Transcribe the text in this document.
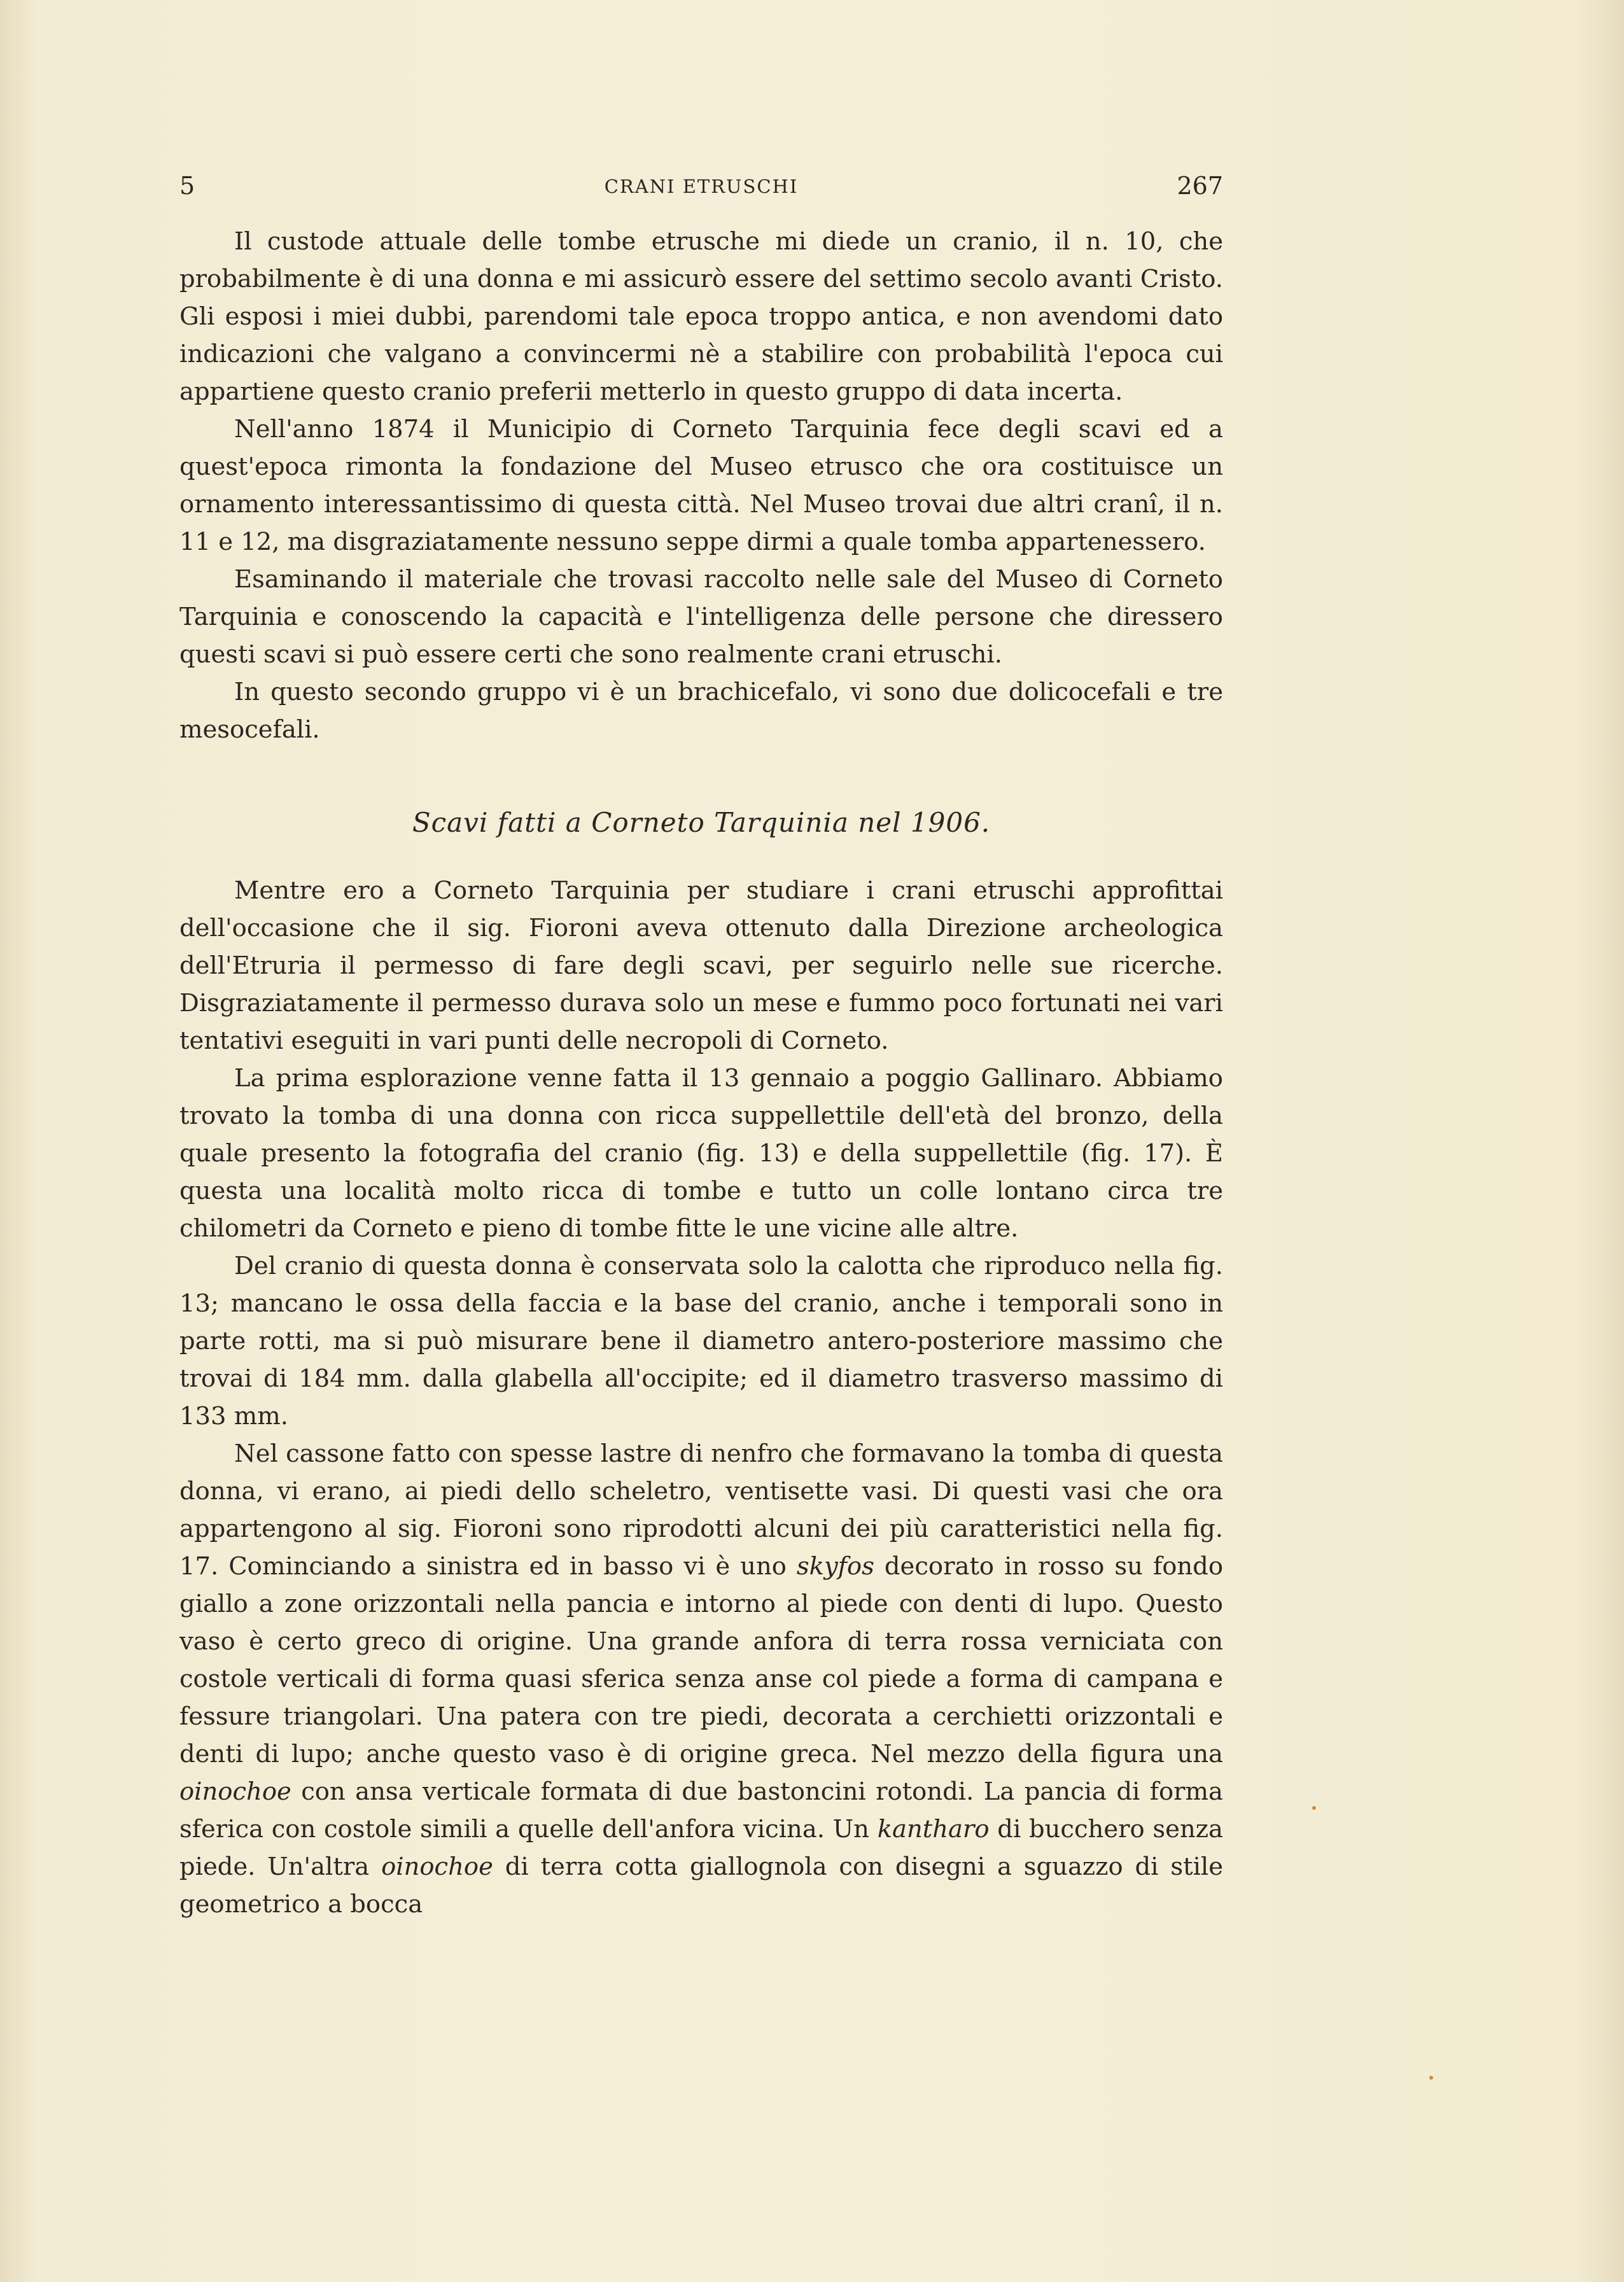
5	CRANI ETRUSCHI	267

Il custode attuale delle tombe etrusche mi diede un cranio, il n. 10, che probabilmente è di una donna e mi assicurò essere del settimo secolo avanti Cristo. Gli esposi i miei dubbi, parendomi tale epoca troppo antica, e non avendomi dato indicazioni che valgano a convincermi nè a stabilire con probabilità l'epoca cui appartiene questo cranio preferii metterlo in questo gruppo di data incerta.

Nell'anno 1874 il Municipio di Corneto Tarquinia fece degli scavi ed a quest'epoca rimonta la fondazione del Museo etrusco che ora costituisce un ornamento interessantissimo di questa città. Nel Museo trovai due altri cranî, il n. 11 e 12, ma disgraziatamente nessuno seppe dirmi a quale tomba appartenessero.

Esaminando il materiale che trovasi raccolto nelle sale del Museo di Corneto Tarquinia e conoscendo la capacità e l'intelligenza delle persone che diressero questi scavi si può essere certi che sono realmente crani etruschi.

In questo secondo gruppo vi è un brachicefalo, vi sono due dolicocefali e tre mesocefali.

Scavi fatti a Corneto Tarquinia nel 1906.

Mentre ero a Corneto Tarquinia per studiare i crani etruschi approfittai dell'occasione che il sig. Fioroni aveva ottenuto dalla Direzione archeologica dell'Etruria il permesso di fare degli scavi, per seguirlo nelle sue ricerche. Disgraziatamente il permesso durava solo un mese e fummo poco fortunati nei vari tentativi eseguiti in vari punti delle necropoli di Corneto.

La prima esplorazione venne fatta il 13 gennaio a poggio Gallinaro. Abbiamo trovato la tomba di una donna con ricca suppellettile dell'età del bronzo, della quale presento la fotografia del cranio (fig. 13) e della suppellettile (fig. 17). È questa una località molto ricca di tombe e tutto un colle lontano circa tre chilometri da Corneto e pieno di tombe fitte le une vicine alle altre.

Del cranio di questa donna è conservata solo la calotta che riproduco nella fig. 13; mancano le ossa della faccia e la base del cranio, anche i temporali sono in parte rotti, ma si può misurare bene il diametro antero-posteriore massimo che trovai di 184 mm. dalla glabella all'occipite; ed il diametro trasverso massimo di 133 mm.

Nel cassone fatto con spesse lastre di nenfro che formavano la tomba di questa donna, vi erano, ai piedi dello scheletro, ventisette vasi. Di questi vasi che ora appartengono al sig. Fioroni sono riprodotti alcuni dei più caratteristici nella fig. 17. Cominciando a sinistra ed in basso vi è uno skyfos decorato in rosso su fondo giallo a zone orizzontali nella pancia e intorno al piede con denti di lupo. Questo vaso è certo greco di origine. Una grande anfora di terra rossa verniciata con costole verticali di forma quasi sferica senza anse col piede a forma di campana e fessure triangolari. Una patera con tre piedi, decorata a cerchietti orizzontali e denti di lupo; anche questo vaso è di origine greca. Nel mezzo della figura una oinochoe con ansa verticale formata di due bastoncini rotondi. La pancia di forma sferica con costole simili a quelle dell'anfora vicina. Un kantharo di bucchero senza piede. Un'altra oinochoe di terra cotta giallognola con disegni a sguazzo di stile geometrico a bocca
